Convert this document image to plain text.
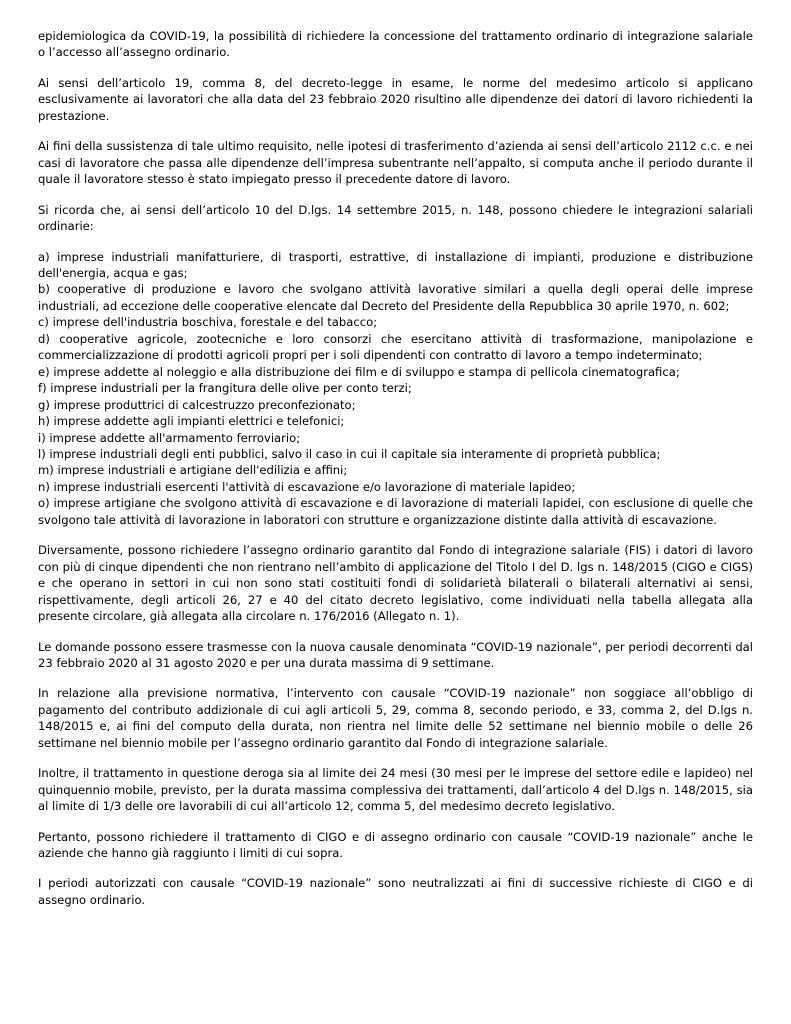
epidemiologica da COVID-19, la possibilità di richiedere la concessione del trattamento ordinario di integrazione salariale o l’accesso all’assegno ordinario.

Ai sensi dell’articolo 19, comma 8, del decreto-legge in esame, le norme del medesimo articolo si applicano esclusivamente ai lavoratori che alla data del 23 febbraio 2020 risultino alle dipendenze dei datori di lavoro richiedenti la prestazione.

Ai fini della sussistenza di tale ultimo requisito, nelle ipotesi di trasferimento d’azienda ai sensi dell’articolo 2112 c.c. e nei casi di lavoratore che passa alle dipendenze dell’impresa subentrante nell’appalto, si computa anche il periodo durante il quale il lavoratore stesso è stato impiegato presso il precedente datore di lavoro.

Si ricorda che, ai sensi dell’articolo 10 del D.lgs. 14 settembre 2015, n. 148, possono chiedere le integrazioni salariali ordinarie:

a) imprese industriali manifatturiere, di trasporti, estrattive, di installazione di impianti, produzione e distribuzione dell'energia, acqua e gas;

b) cooperative di produzione e lavoro che svolgano attività lavorative similari a quella degli operai delle imprese industriali, ad eccezione delle cooperative elencate dal Decreto del Presidente della Repubblica 30 aprile 1970, n. 602;

c) imprese dell'industria boschiva, forestale e del tabacco;

d) cooperative agricole, zootecniche e loro consorzi che esercitano attività di trasformazione, manipolazione e commercializzazione di prodotti agricoli propri per i soli dipendenti con contratto di lavoro a tempo indeterminato;

e) imprese addette al noleggio e alla distribuzione dei film e di sviluppo e stampa di pellicola cinematografica;

f) imprese industriali per la frangitura delle olive per conto terzi;

g) imprese produttrici di calcestruzzo preconfezionato;

h) imprese addette agli impianti elettrici e telefonici;

i) imprese addette all'armamento ferroviario;

l) imprese industriali degli enti pubblici, salvo il caso in cui il capitale sia interamente di proprietà pubblica;

m) imprese industriali e artigiane dell'edilizia e affini;

n) imprese industriali esercenti l'attività di escavazione e/o lavorazione di materiale lapideo;

o) imprese artigiane che svolgono attività di escavazione e di lavorazione di materiali lapidei, con esclusione di quelle che svolgono tale attività di lavorazione in laboratori con strutture e organizzazione distinte dalla attività di escavazione.

Diversamente, possono richiedere l’assegno ordinario garantito dal Fondo di integrazione salariale (FIS) i datori di lavoro con più di cinque dipendenti che non rientrano nell’ambito di applicazione del Titolo I del D. lgs n. 148/2015 (CIGO e CIGS) e che operano in settori in cui non sono stati costituiti fondi di solidarietà bilaterali o bilaterali alternativi ai sensi, rispettivamente, degli articoli 26, 27 e 40 del citato decreto legislativo, come individuati nella tabella allegata alla presente circolare, già allegata alla circolare n. 176/2016 (Allegato n. 1).

Le domande possono essere trasmesse con la nuova causale denominata “COVID-19 nazionale”, per periodi decorrenti dal 23 febbraio 2020 al 31 agosto 2020 e per una durata massima di 9 settimane.

In relazione alla previsione normativa, l’intervento con causale “COVID-19 nazionale” non soggiace all’obbligo di pagamento del contributo addizionale di cui agli articoli 5, 29, comma 8, secondo periodo, e 33, comma 2, del D.lgs n. 148/2015 e, ai fini del computo della durata, non rientra nel limite delle 52 settimane nel biennio mobile o delle 26 settimane nel biennio mobile per l’assegno ordinario garantito dal Fondo di integrazione salariale.

Inoltre, il trattamento in questione deroga sia al limite dei 24 mesi (30 mesi per le imprese del settore edile e lapideo) nel quinquennio mobile, previsto, per la durata massima complessiva dei trattamenti, dall’articolo 4 del D.lgs n. 148/2015, sia al limite di 1/3 delle ore lavorabili di cui all’articolo 12, comma 5, del medesimo decreto legislativo.

Pertanto, possono richiedere il trattamento di CIGO e di assegno ordinario con causale “COVID-19 nazionale” anche le aziende che hanno già raggiunto i limiti di cui sopra.

I periodi autorizzati con causale “COVID-19 nazionale” sono neutralizzati ai fini di successive richieste di CIGO e di assegno ordinario.
